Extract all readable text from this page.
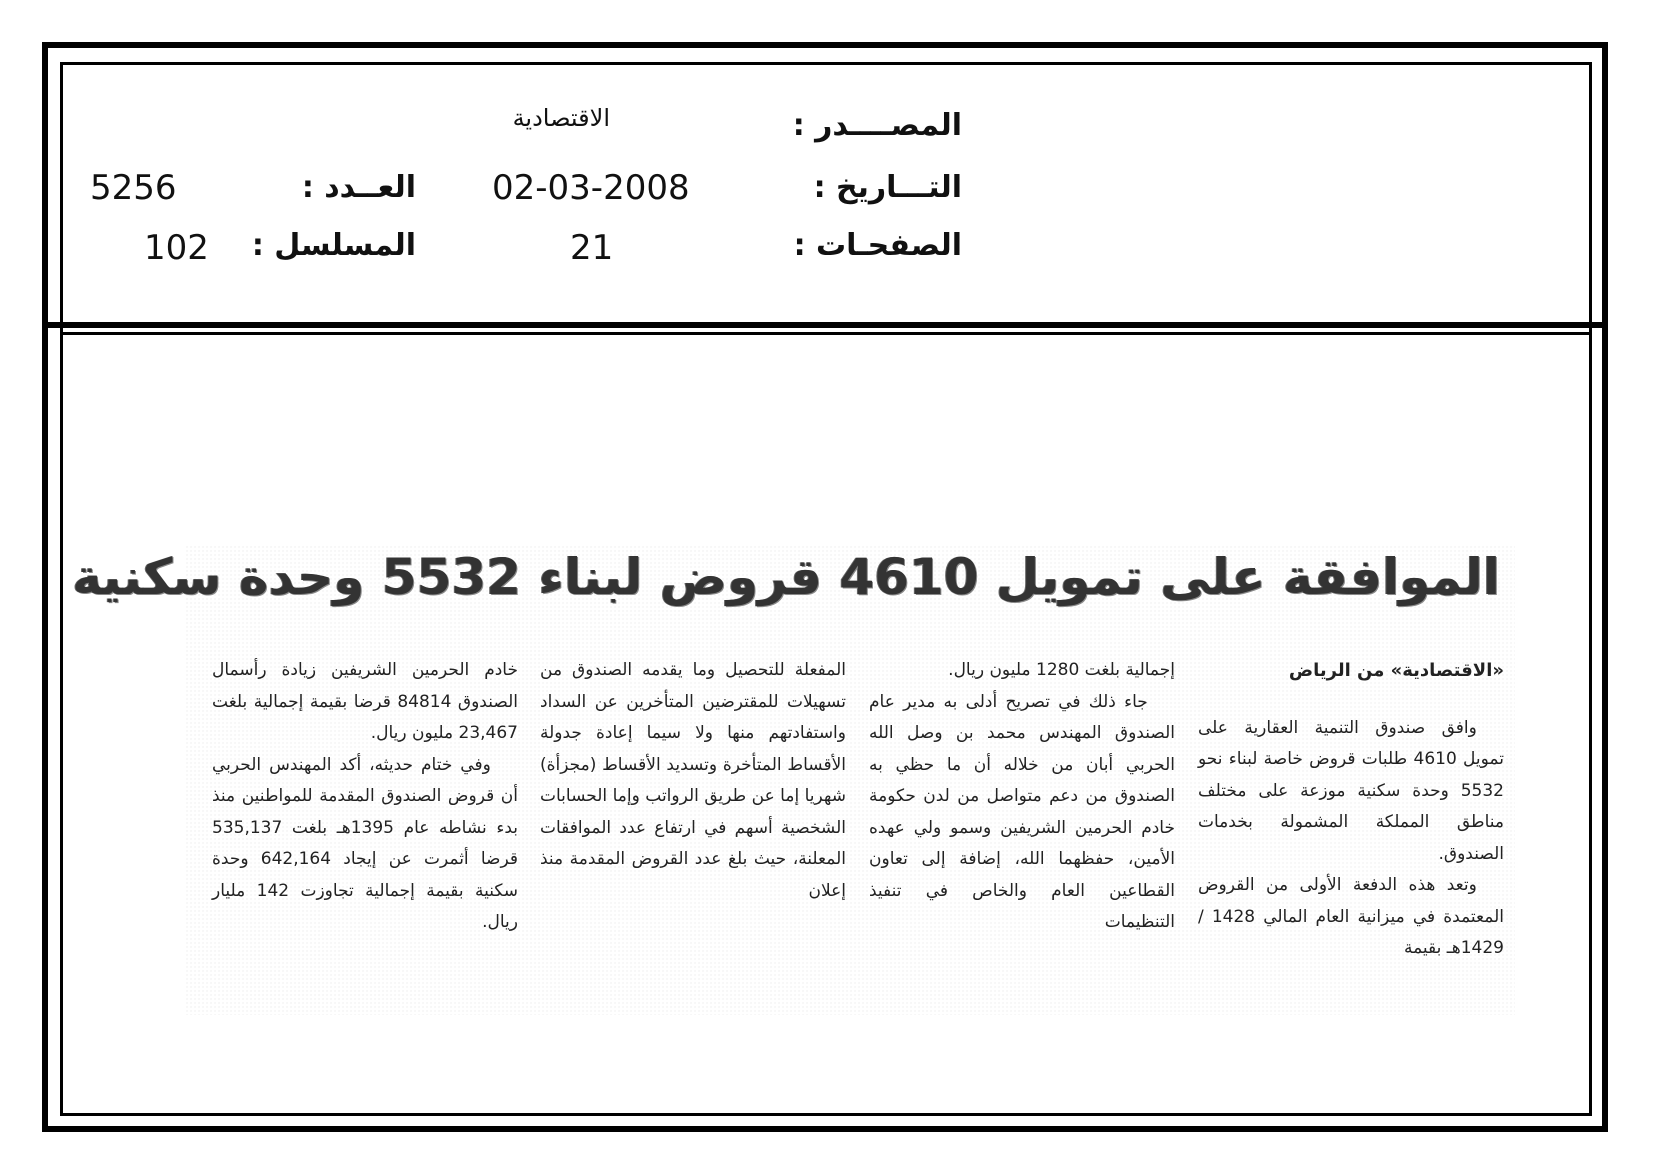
المصــــدر :
الاقتصادية
التـــاريخ :
02-03-2008
العــدد :
5256
الصفحـات :
21
المسلسل :
102
الموافقة على تمويل 4610 قروض لبناء 5532 وحدة سكنية

«الاقتصادية» من الرياض

وافق صندوق التنمية العقارية على تمويل 4610 طلبات قروض خاصة لبناء نحو 5532 وحدة سكنية موزعة على مختلف مناطق المملكة المشمولة بخدمات الصندوق.

وتعد هذه الدفعة الأولى من القروض المعتمدة في ميزانية العام المالي 1428 / 1429هـ بقيمة

إجمالية بلغت 1280 مليون ريال.

جاء ذلك في تصريح أدلى به مدير عام الصندوق المهندس محمد بن وصل الله الحربي أبان من خلاله أن ما حظي به الصندوق من دعم متواصل من لدن حكومة خادم الحرمين الشريفين وسمو ولي عهده الأمين، حفظهما الله، إضافة إلى تعاون القطاعين العام والخاص في تنفيذ التنظيمات

المفعلة للتحصيل وما يقدمه الصندوق من تسهيلات للمقترضين المتأخرين عن السداد واستفادتهم منها ولا سيما إعادة جدولة الأقساط المتأخرة وتسديد الأقساط (مجزأة) شهريا إما عن طريق الرواتب وإما الحسابات الشخصية أسهم في ارتفاع عدد الموافقات المعلنة، حيث بلغ عدد القروض المقدمة منذ إعلان

خادم الحرمين الشريفين زيادة رأسمال الصندوق 84814 قرضا بقيمة إجمالية بلغت 23,467 مليون ريال.

وفي ختام حديثه، أكد المهندس الحربي أن قروض الصندوق المقدمة للمواطنين منذ بدء نشاطه عام 1395هـ بلغت 535,137 قرضا أثمرت عن إيجاد 642,164 وحدة سكنية بقيمة إجمالية تجاوزت 142 مليار ريال.
